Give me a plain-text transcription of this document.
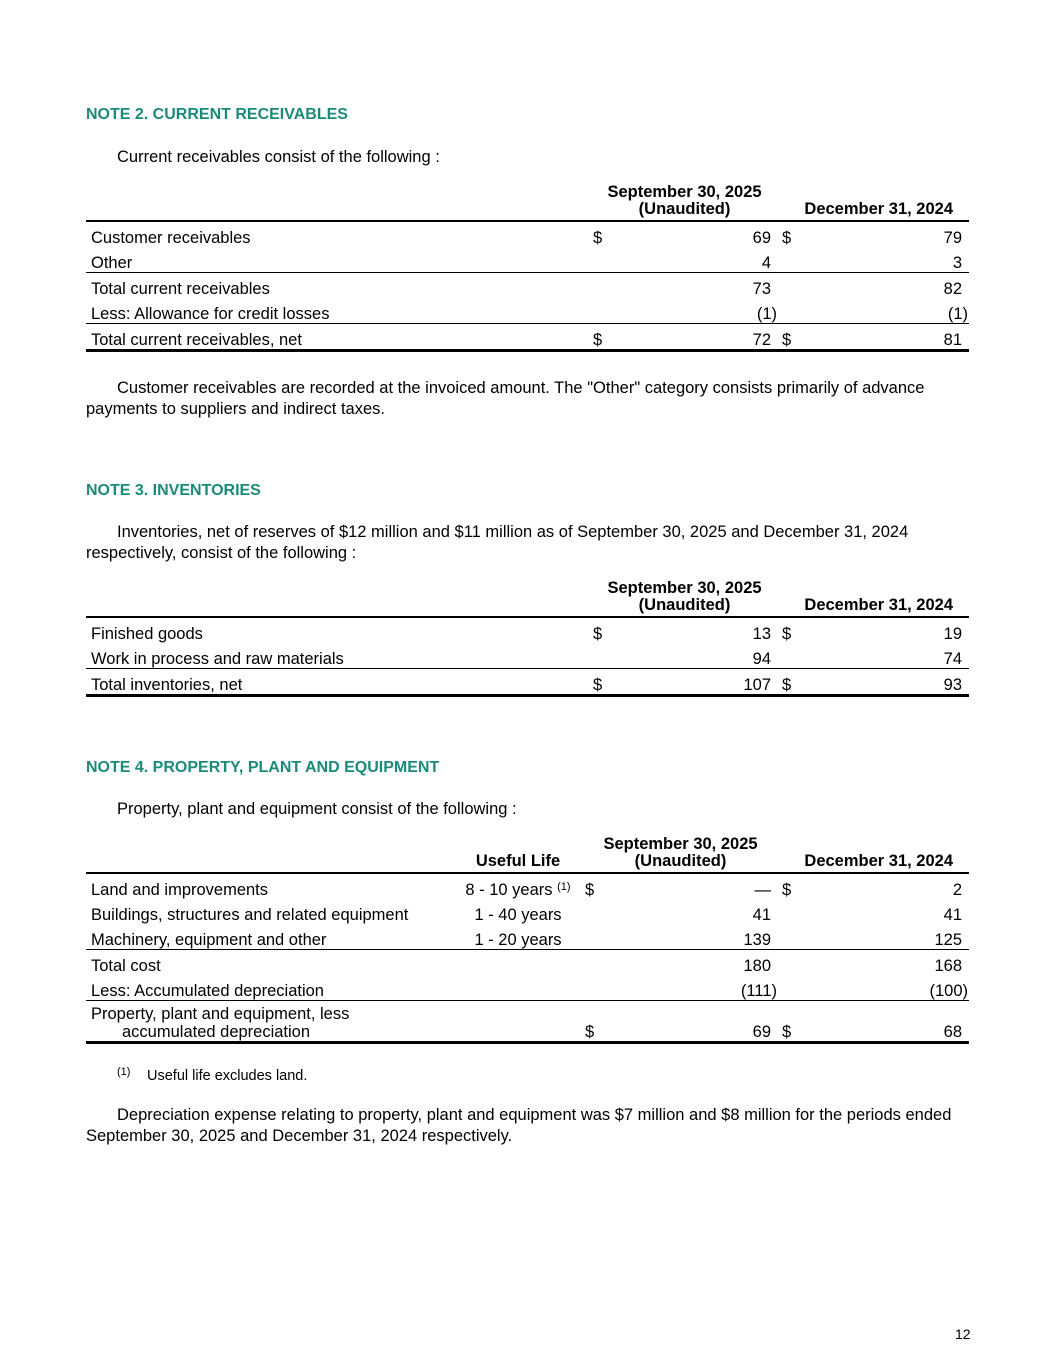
NOTE 2. CURRENT RECEIVABLES

Current receivables consist of the following :

	September 30, 2025
(Unaudited)		December 31, 2024	
Customer receivables	$	69	$	79
Other		4		3
Total current receivables		73		82
Less: Allowance for credit losses		(1)		(1)
Total current receivables, net	$	72	$	81

Customer receivables are recorded at the invoiced amount. The "Other" category consists primarily of advance payments to suppliers and indirect taxes.

NOTE 3. INVENTORIES

Inventories, net of reserves of $12 million and $11 million as of September 30, 2025 and December 31, 2024 respectively, consist of the following :

	September 30, 2025
(Unaudited)		December 31, 2024	
Finished goods	$	13	$	19
Work in process and raw materials		94		74
Total inventories, net	$	107	$	93
NOTE 4. PROPERTY, PLANT AND EQUIPMENT

Property, plant and equipment consist of the following :

	Useful Life	September 30, 2025
(Unaudited)		December 31, 2024	
Land and improvements	8 - 10 years $^{(1)}$	$	—	$	2
Buildings, structures and related equipment	1 - 40 years		41		41
Machinery, equipment and other	1 - 20 years		139		125
Total cost			180		168
Less: Accumulated depreciation			(111)		(100)

Property, plant and equipment, less
accumulated depreciation		$	69	$	68

(1) Useful life excludes land.

Depreciation expense relating to property, plant and equipment was $7 million and $8 million for the periods ended September 30, 2025 and December 31, 2024 respectively.

12
